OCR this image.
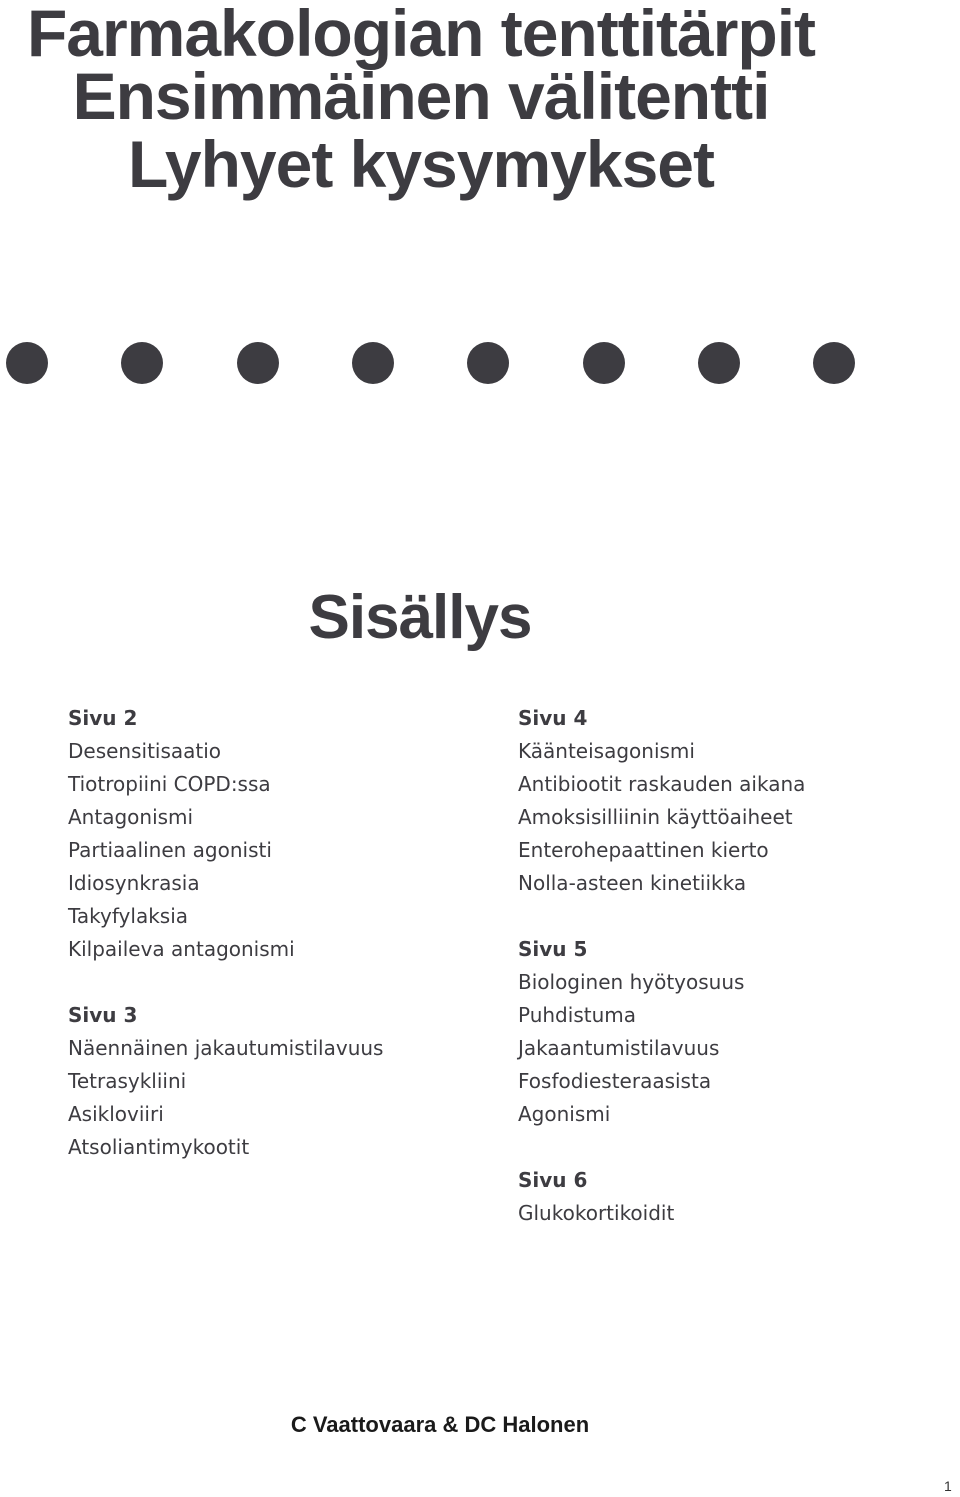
Farmakologian tenttitärpit
Ensimmäinen välitentti
Lyhyet kysymykset
Sisällys
Sivu 2
Desensitisaatio
Tiotropiini COPD:ssa
Antagonismi
Partiaalinen agonisti
Idiosynkrasia
Takyfylaksia
Kilpaileva antagonismi
Sivu 3
Näennäinen jakautumistilavuus
Tetrasykliini
Asikloviiri
Atsoliantimykootit
Sivu 4
Käänteisagonismi
Antibiootit raskauden aikana
Amoksisilliinin käyttöaiheet
Enterohepaattinen kierto
Nolla-asteen kinetiikka
Sivu 5
Biologinen hyötyosuus
Puhdistuma
Jakaantumistilavuus
Fosfodiesteraasista
Agonismi
Sivu 6
Glukokortikoidit
C Vaattovaara & DC Halonen
1
